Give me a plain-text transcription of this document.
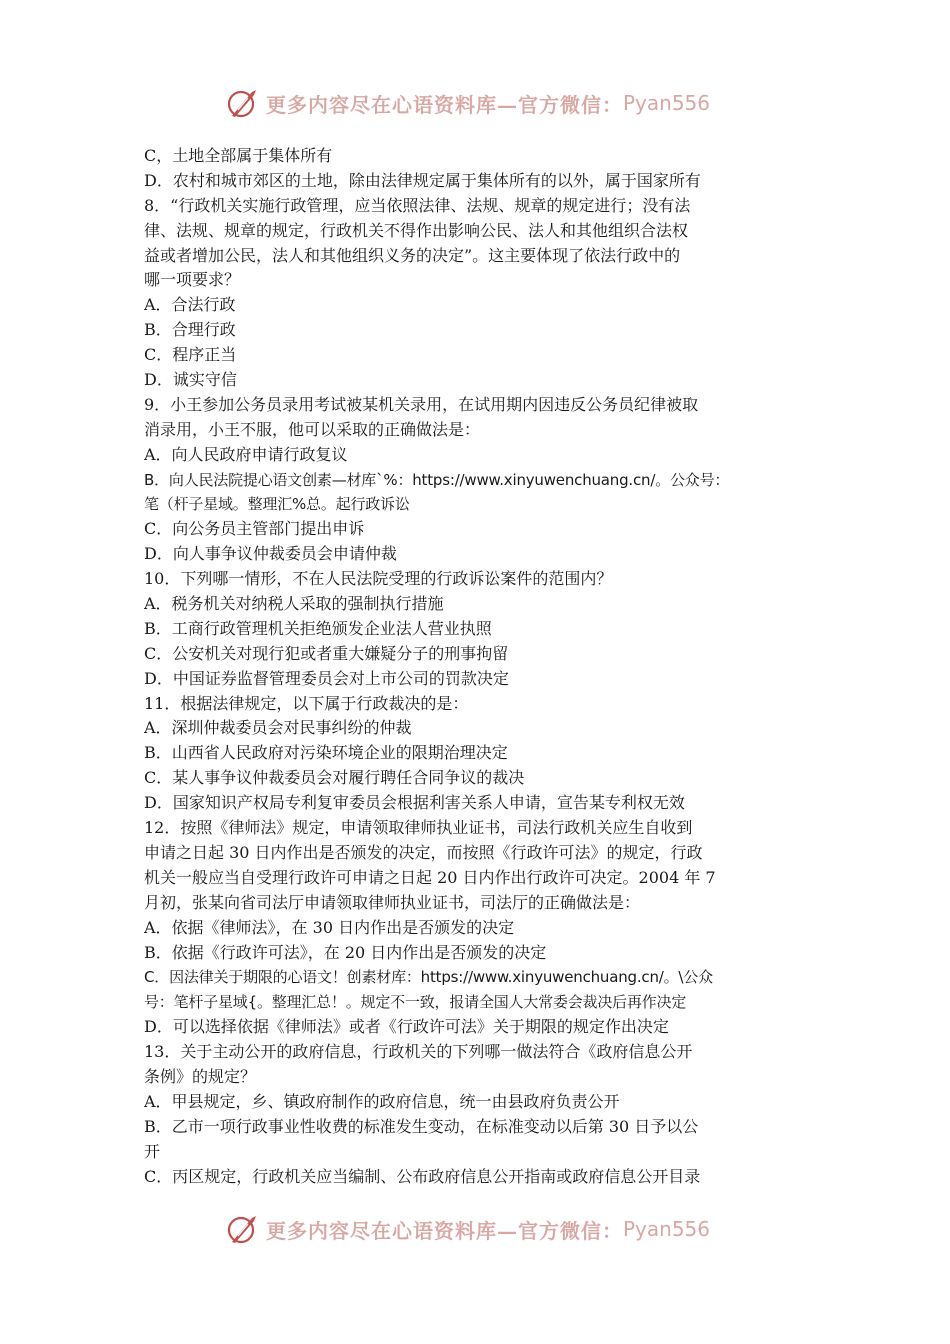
更多内容尽在心语资料库—官方微信： Pyan556
C，土地全部属于集体所有
D．农村和城市郊区的土地，除由法律规定属于集体所有的以外，属于国家所有
8．“行政机关实施行政管理，应当依照法律、法规、规章的规定进行；没有法
律、法规、规章的规定，行政机关不得作出影响公民、法人和其他组织合法权
益或者增加公民，法人和其他组织义务的决定”。这主要体现了依法行政中的
哪一项要求？
A．合法行政
B．合理行政
C．程序正当
D．诚实守信
9．小王参加公务员录用考试被某机关录用，在试用期内因违反公务员纪律被取
消录用，小王不服，他可以采取的正确做法是：
A．向人民政府申请行政复议
B．向人民法院提心语文创素—材库`%：https://www.xinyuwenchuang.cn/。公众号：
笔（杆子星域。整理汇%总。起行政诉讼
C．向公务员主管部门提出申诉
D．向人事争议仲裁委员会申请仲裁
10．下列哪一情形，不在人民法院受理的行政诉讼案件的范围内？
A．税务机关对纳税人采取的强制执行措施
B．工商行政管理机关拒绝颁发企业法人营业执照
C．公安机关对现行犯或者重大嫌疑分子的刑事拘留
D．中国证券监督管理委员会对上市公司的罚款决定
11．根据法律规定，以下属于行政裁决的是：
A．深圳仲裁委员会对民事纠纷的仲裁
B．山西省人民政府对污染环境企业的限期治理决定
C．某人事争议仲裁委员会对履行聘任合同争议的裁决
D．国家知识产权局专利复审委员会根据利害关系人申请，宣告某专利权无效
12．按照《律师法》规定，申请领取律师执业证书，司法行政机关应生自收到
申请之日起 30 日内作出是否颁发的决定，而按照《行政许可法》的规定，行政
机关一般应当自受理行政许可申请之日起 20 日内作出行政许可决定。2004 年 7
月初，张某向省司法厅申请领取律师执业证书，司法厅的正确做法是：
A．依据《律师法》，在 30 日内作出是否颁发的决定
B．依据《行政许可法》，在 20 日内作出是否颁发的决定
C．因法律关于期限的心语文！创素材库：https://www.xinyuwenchuang.cn/。\公众
号：笔杆子星域{。整理汇总！。规定不一致，报请全国人大常委会裁决后再作决定
D．可以选择依据《律师法》或者《行政许可法》关于期限的规定作出决定
13．关于主动公开的政府信息，行政机关的下列哪一做法符合《政府信息公开
条例》的规定？
A．甲县规定，乡、镇政府制作的政府信息，统一由县政府负责公开
B．乙市一项行政事业性收费的标准发生变动，在标准变动以后第 30 日予以公
开
C．丙区规定，行政机关应当编制、公布政府信息公开指南或政府信息公开目录
更多内容尽在心语资料库—官方微信： Pyan556
